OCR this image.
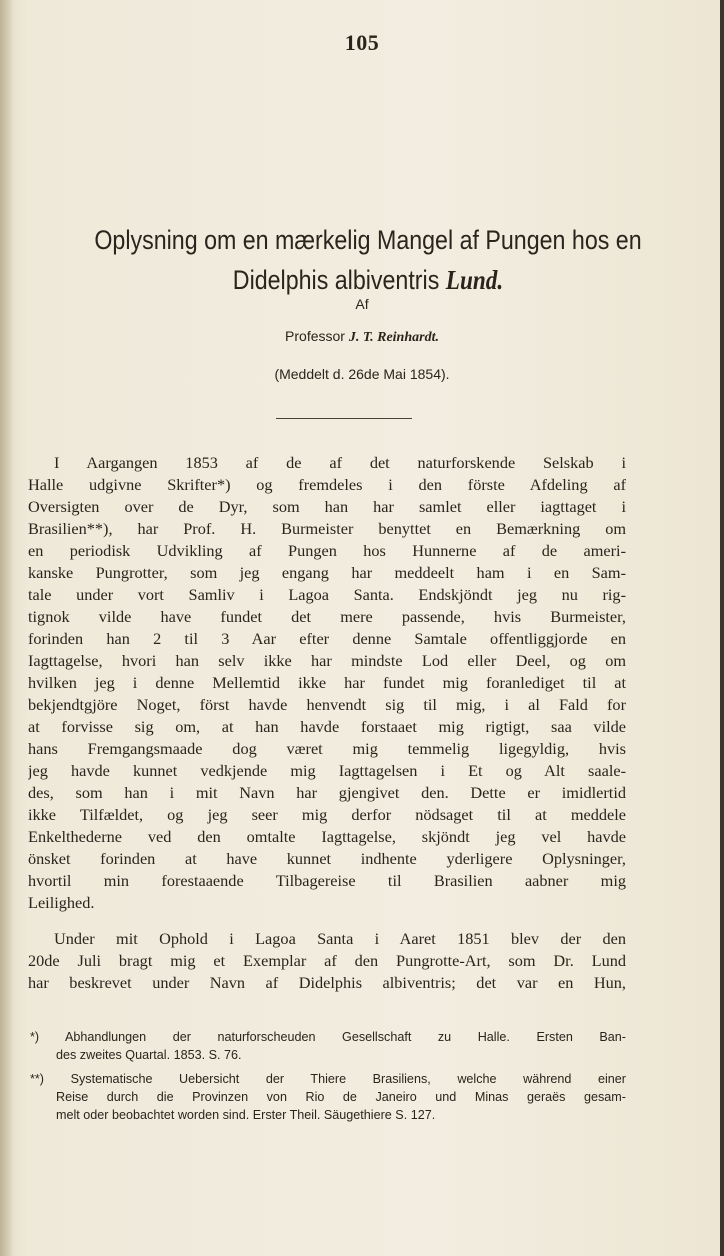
105
Oplysning om en mærkelig Mangel af Pungen hos en
Didelphis albiventris Lund.
Af
Professor J. T. Reinhardt.
(Meddelt d. 26de Mai 1854).
I Aargangen 1853 af de af det naturforskende Selskab i
Halle udgivne Skrifter*) og fremdeles i den förste Afdeling af
Oversigten over de Dyr, som han har samlet eller iagttaget i
Brasilien**), har Prof. H. Burmeister benyttet en Bemærkning om
en periodisk Udvikling af Pungen hos Hunnerne af de ameri-
kanske Pungrotter, som jeg engang har meddeelt ham i en Sam-
tale under vort Samliv i Lagoa Santa. Endskjöndt jeg nu rig-
tignok vilde have fundet det mere passende, hvis Burmeister,
forinden han 2 til 3 Aar efter denne Samtale offentliggjorde en
Iagttagelse, hvori han selv ikke har mindste Lod eller Deel, og om
hvilken jeg i denne Mellemtid ikke har fundet mig foranlediget til at
bekjendtgjöre Noget, först havde henvendt sig til mig, i al Fald for
at forvisse sig om, at han havde forstaaet mig rigtigt, saa vilde
hans Fremgangsmaade dog været mig temmelig ligegyldig, hvis
jeg havde kunnet vedkjende mig Iagttagelsen i Et og Alt saale-
des, som han i mit Navn har gjengivet den. Dette er imidlertid
ikke Tilfældet, og jeg seer mig derfor nödsaget til at meddele
Enkelthederne ved den omtalte Iagttagelse, skjöndt jeg vel havde
önsket forinden at have kunnet indhente yderligere Oplysninger,
hvortil min forestaaende Tilbagereise til Brasilien aabner mig
Leilighed.
Under mit Ophold i Lagoa Santa i Aaret 1851 blev der den
20de Juli bragt mig et Exemplar af den Pungrotte-Art, som Dr. Lund
har beskrevet under Navn af Didelphis albiventris; det var en Hun,
*) Abhandlungen der naturforscheuden Gesellschaft zu Halle. Ersten Ban-
des zweites Quartal. 1853. S. 76.
**) Systematische Uebersicht der Thiere Brasiliens, welche während einer
Reise durch die Provinzen von Rio de Janeiro und Minas geraës gesam-
melt oder beobachtet worden sind. Erster Theil. Säugethiere S. 127.
